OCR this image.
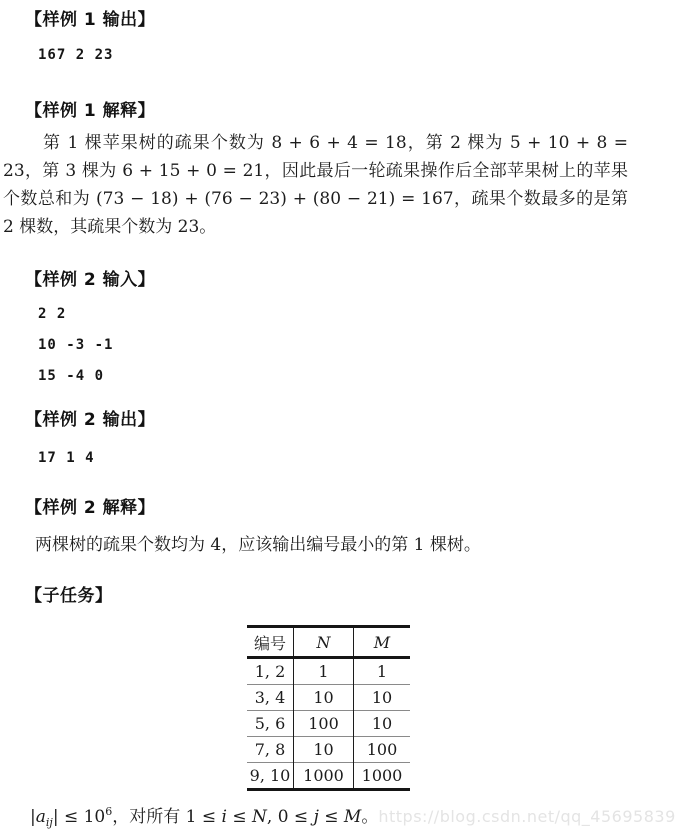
【样例 1 输出】
167 2 23
【样例 1 解释】

第 1 棵苹果树的疏果个数为 8 + 6 + 4 = 18，第 2 棵为 5 + 10 + 8 = 23，第 3 棵为 6 + 15 + 0 = 21，因此最后一轮疏果操作后全部苹果树上的苹果个数总和为 (73 − 18) + (76 − 23) + (80 − 21) = 167，疏果个数最多的是第 2 棵数，其疏果个数为 23。

【样例 2 输入】
2 2
10 -3 -1
15 -4 0
【样例 2 输出】
17 1 4
【样例 2 解释】

两棵树的疏果个数均为 4，应该输出编号最小的第 1 棵树。

【子任务】
编号	N	M
1, 2	1	1
3, 4	10	10
5, 6	100	10
7, 8	10	100
9, 10	1000	1000
$|a_{ij}| \le 10^6$，对所有 1 ≤ i ≤ N, 0 ≤ j ≤ M。 https://blog.csdn.net/qq_45695839
